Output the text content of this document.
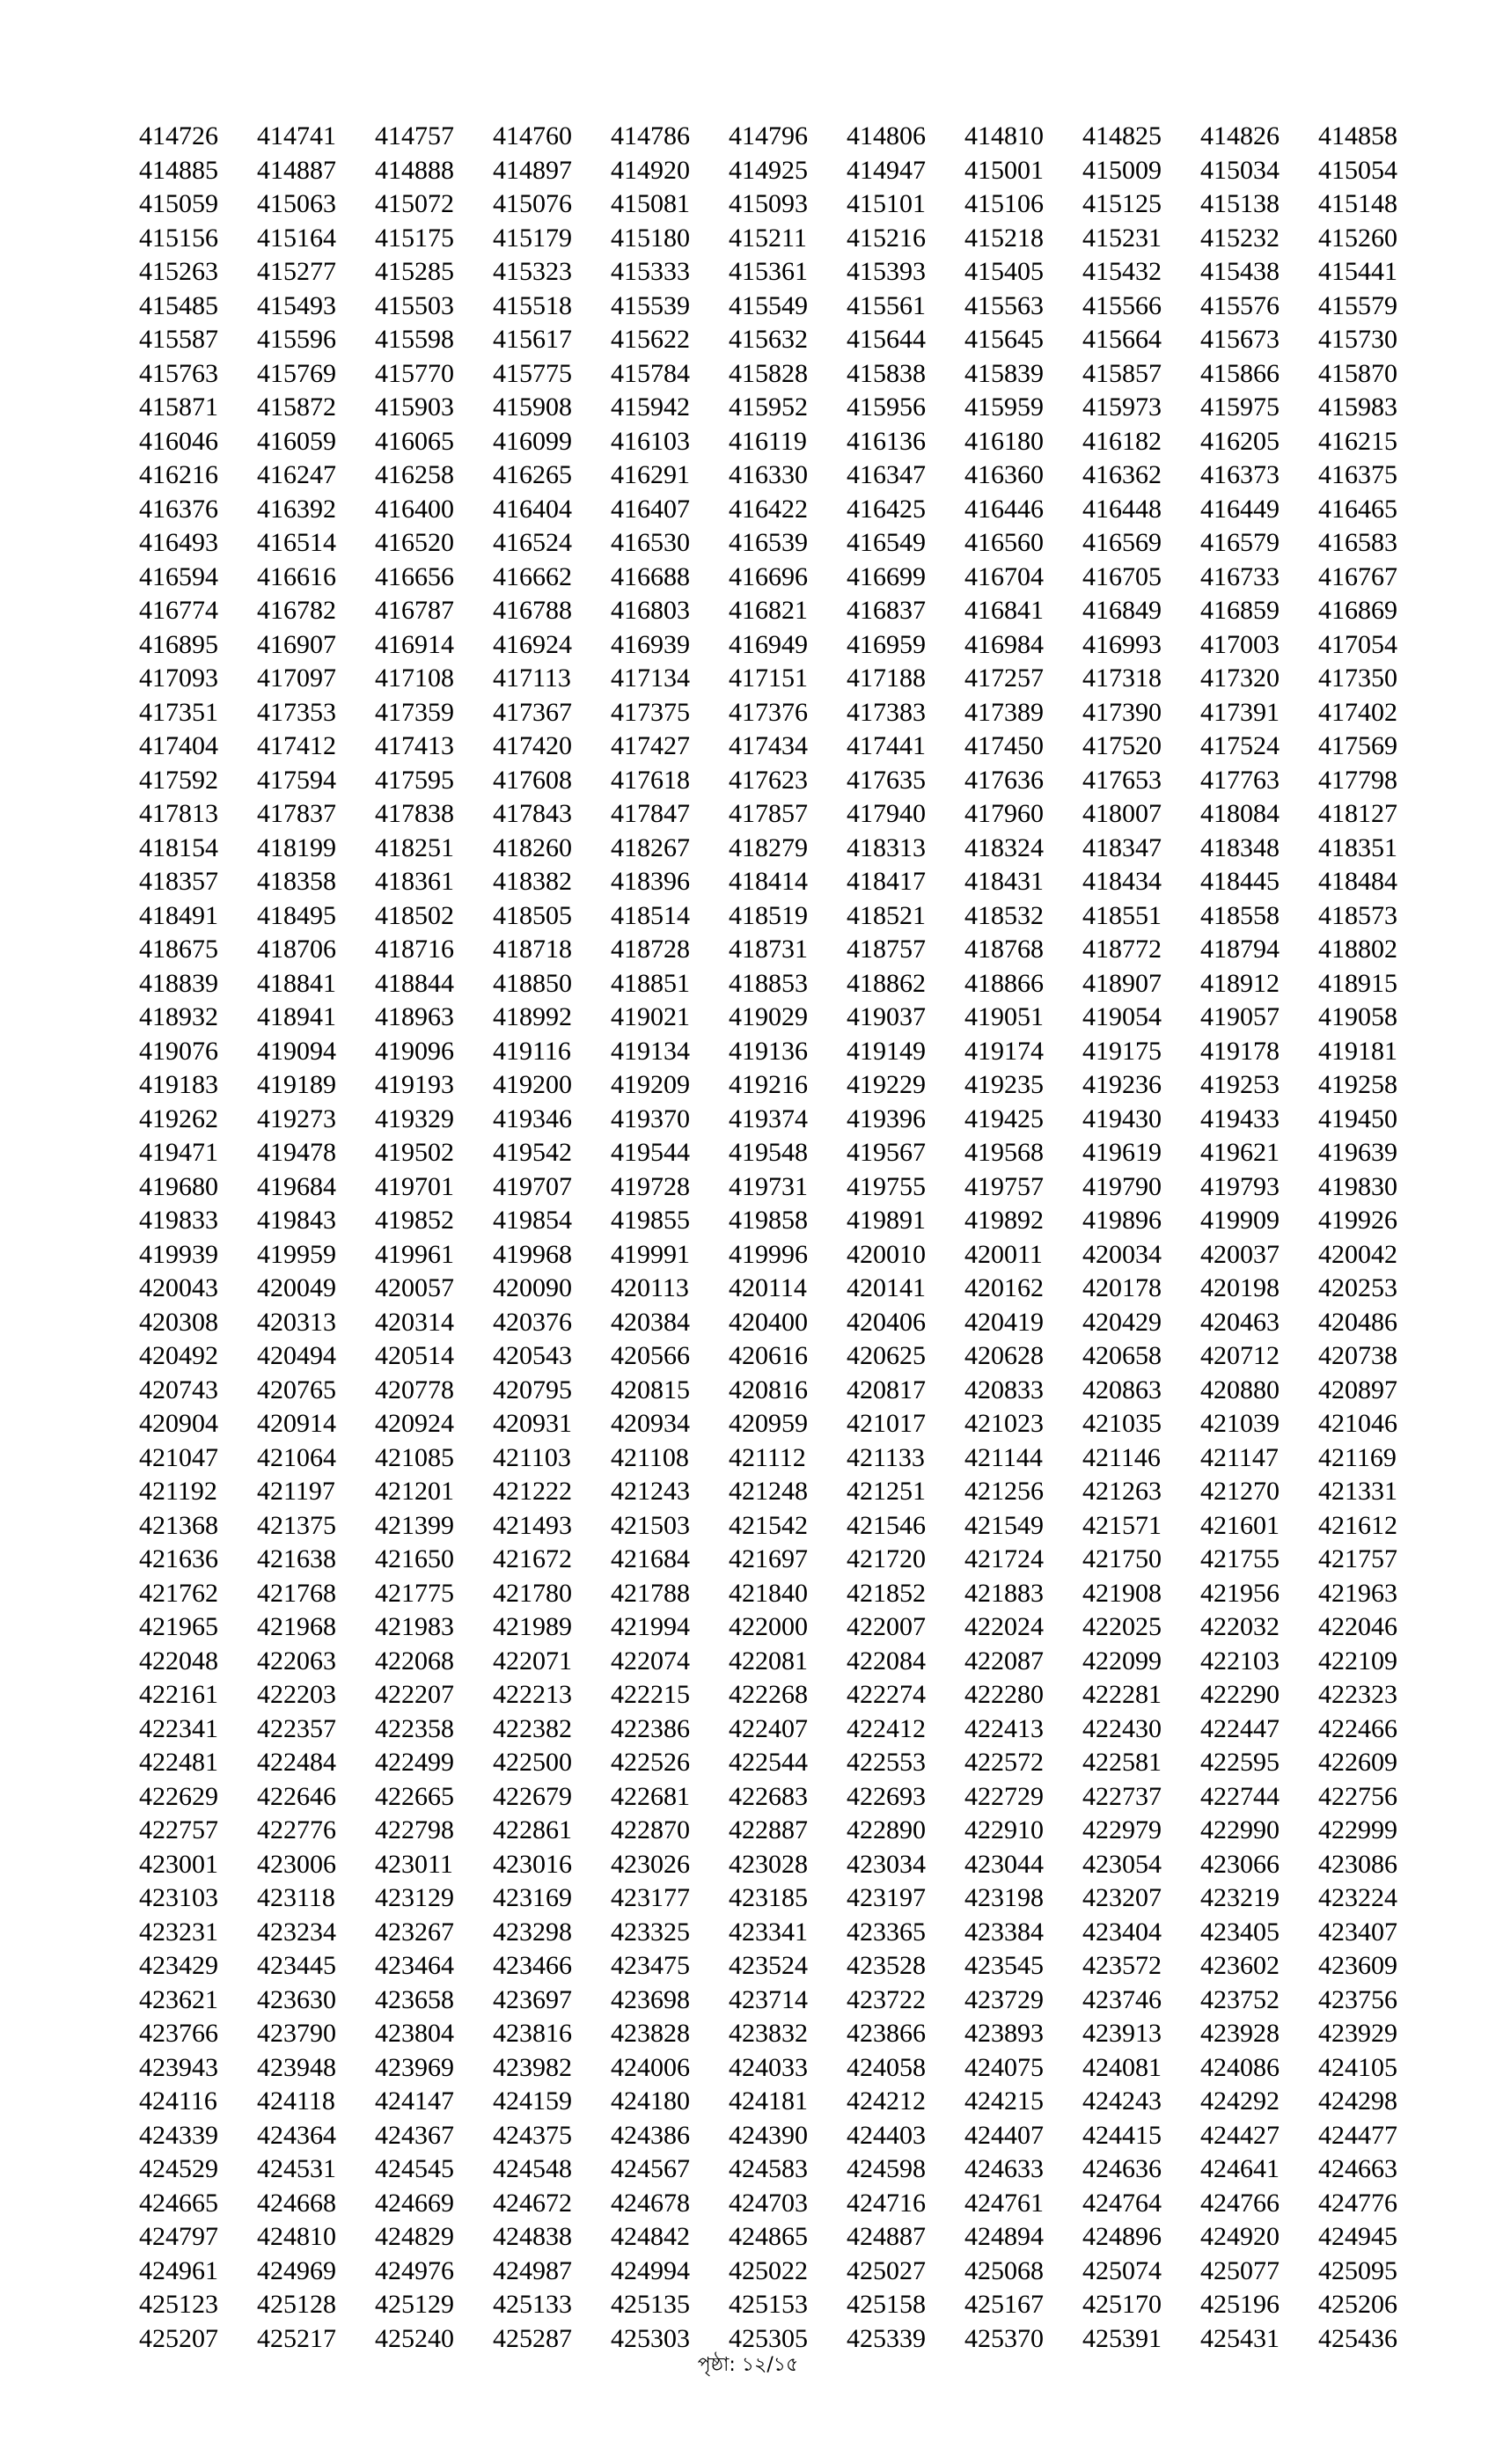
414726	414741	414757	414760	414786	414796	414806	414810	414825	414826	414858
414885	414887	414888	414897	414920	414925	414947	415001	415009	415034	415054
415059	415063	415072	415076	415081	415093	415101	415106	415125	415138	415148
415156	415164	415175	415179	415180	415211	415216	415218	415231	415232	415260
415263	415277	415285	415323	415333	415361	415393	415405	415432	415438	415441
415485	415493	415503	415518	415539	415549	415561	415563	415566	415576	415579
415587	415596	415598	415617	415622	415632	415644	415645	415664	415673	415730
415763	415769	415770	415775	415784	415828	415838	415839	415857	415866	415870
415871	415872	415903	415908	415942	415952	415956	415959	415973	415975	415983
416046	416059	416065	416099	416103	416119	416136	416180	416182	416205	416215
416216	416247	416258	416265	416291	416330	416347	416360	416362	416373	416375
416376	416392	416400	416404	416407	416422	416425	416446	416448	416449	416465
416493	416514	416520	416524	416530	416539	416549	416560	416569	416579	416583
416594	416616	416656	416662	416688	416696	416699	416704	416705	416733	416767
416774	416782	416787	416788	416803	416821	416837	416841	416849	416859	416869
416895	416907	416914	416924	416939	416949	416959	416984	416993	417003	417054
417093	417097	417108	417113	417134	417151	417188	417257	417318	417320	417350
417351	417353	417359	417367	417375	417376	417383	417389	417390	417391	417402
417404	417412	417413	417420	417427	417434	417441	417450	417520	417524	417569
417592	417594	417595	417608	417618	417623	417635	417636	417653	417763	417798
417813	417837	417838	417843	417847	417857	417940	417960	418007	418084	418127
418154	418199	418251	418260	418267	418279	418313	418324	418347	418348	418351
418357	418358	418361	418382	418396	418414	418417	418431	418434	418445	418484
418491	418495	418502	418505	418514	418519	418521	418532	418551	418558	418573
418675	418706	418716	418718	418728	418731	418757	418768	418772	418794	418802
418839	418841	418844	418850	418851	418853	418862	418866	418907	418912	418915
418932	418941	418963	418992	419021	419029	419037	419051	419054	419057	419058
419076	419094	419096	419116	419134	419136	419149	419174	419175	419178	419181
419183	419189	419193	419200	419209	419216	419229	419235	419236	419253	419258
419262	419273	419329	419346	419370	419374	419396	419425	419430	419433	419450
419471	419478	419502	419542	419544	419548	419567	419568	419619	419621	419639
419680	419684	419701	419707	419728	419731	419755	419757	419790	419793	419830
419833	419843	419852	419854	419855	419858	419891	419892	419896	419909	419926
419939	419959	419961	419968	419991	419996	420010	420011	420034	420037	420042
420043	420049	420057	420090	420113	420114	420141	420162	420178	420198	420253
420308	420313	420314	420376	420384	420400	420406	420419	420429	420463	420486
420492	420494	420514	420543	420566	420616	420625	420628	420658	420712	420738
420743	420765	420778	420795	420815	420816	420817	420833	420863	420880	420897
420904	420914	420924	420931	420934	420959	421017	421023	421035	421039	421046
421047	421064	421085	421103	421108	421112	421133	421144	421146	421147	421169
421192	421197	421201	421222	421243	421248	421251	421256	421263	421270	421331
421368	421375	421399	421493	421503	421542	421546	421549	421571	421601	421612
421636	421638	421650	421672	421684	421697	421720	421724	421750	421755	421757
421762	421768	421775	421780	421788	421840	421852	421883	421908	421956	421963
421965	421968	421983	421989	421994	422000	422007	422024	422025	422032	422046
422048	422063	422068	422071	422074	422081	422084	422087	422099	422103	422109
422161	422203	422207	422213	422215	422268	422274	422280	422281	422290	422323
422341	422357	422358	422382	422386	422407	422412	422413	422430	422447	422466
422481	422484	422499	422500	422526	422544	422553	422572	422581	422595	422609
422629	422646	422665	422679	422681	422683	422693	422729	422737	422744	422756
422757	422776	422798	422861	422870	422887	422890	422910	422979	422990	422999
423001	423006	423011	423016	423026	423028	423034	423044	423054	423066	423086
423103	423118	423129	423169	423177	423185	423197	423198	423207	423219	423224
423231	423234	423267	423298	423325	423341	423365	423384	423404	423405	423407
423429	423445	423464	423466	423475	423524	423528	423545	423572	423602	423609
423621	423630	423658	423697	423698	423714	423722	423729	423746	423752	423756
423766	423790	423804	423816	423828	423832	423866	423893	423913	423928	423929
423943	423948	423969	423982	424006	424033	424058	424075	424081	424086	424105
424116	424118	424147	424159	424180	424181	424212	424215	424243	424292	424298
424339	424364	424367	424375	424386	424390	424403	424407	424415	424427	424477
424529	424531	424545	424548	424567	424583	424598	424633	424636	424641	424663
424665	424668	424669	424672	424678	424703	424716	424761	424764	424766	424776
424797	424810	424829	424838	424842	424865	424887	424894	424896	424920	424945
424961	424969	424976	424987	424994	425022	425027	425068	425074	425077	425095
425123	425128	425129	425133	425135	425153	425158	425167	425170	425196	425206
425207	425217	425240	425287	425303	425305	425339	425370	425391	425431	425436
পৃষ্ঠা: ১২/১৫
